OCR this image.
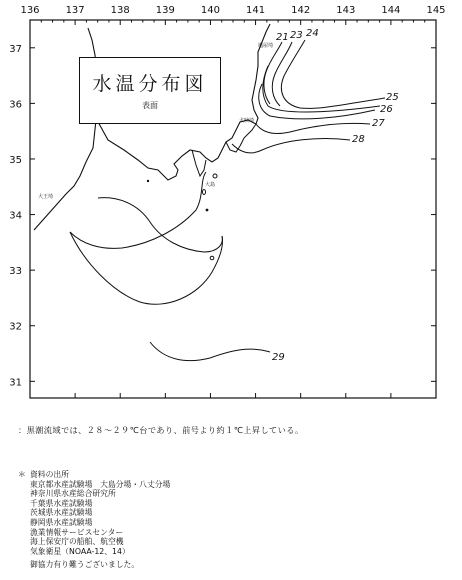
136	137	138	139	140	141	142	143	144	145
37
36
35
34
33
32
31
塩屋埼
犬吠埼
大島
大王埼
21 23 24
25
26
27
28
29
水温分布図
表面
：黒潮流域では、２８～２９℃台であり、前号より約１℃上昇している。
＊ 資料の出所
東京都水産試験場　大島分場・八丈分場
神奈川県水産総合研究所
千葉県水産試験場
茨城県水産試験場
静岡県水産試験場
漁業情報サービスセンター
海上保安庁の船舶、航空機
気象衛星（NOAA-12、14）
御協力有り難うございました。
